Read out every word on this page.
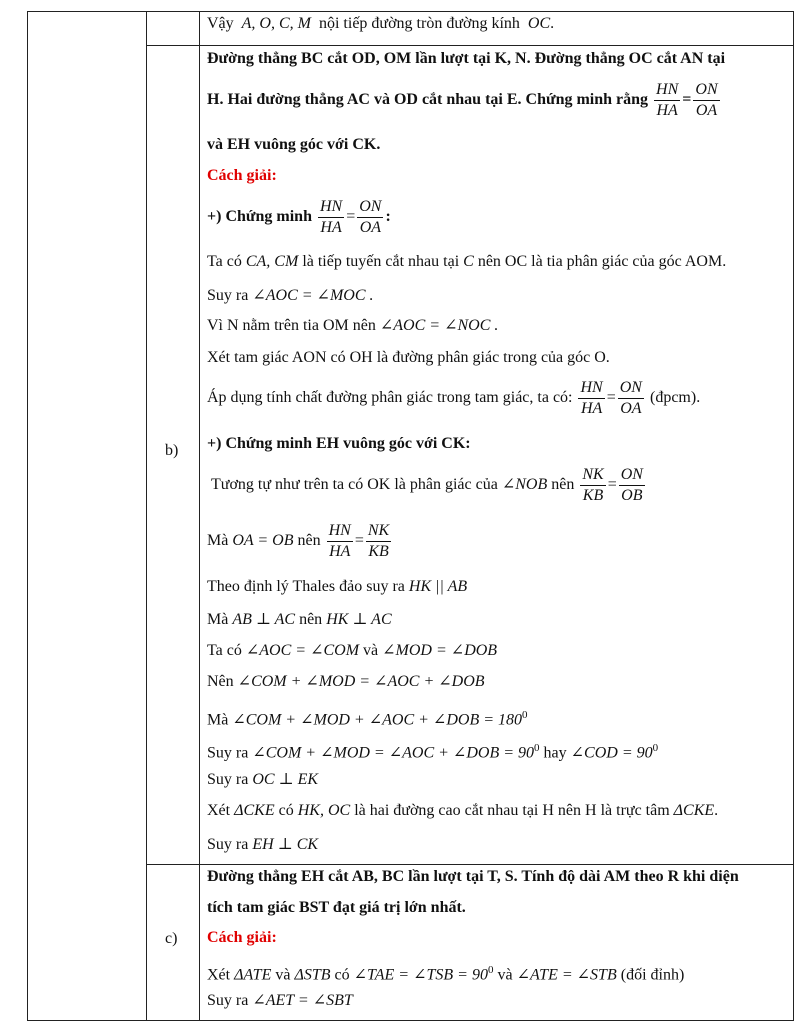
Vậy A, O, C, M nội tiếp đường tròn đường kính OC.
b)
Đường thẳng BC cắt OD, OM lần lượt tại K, N. Đường thẳng OC cắt AN tại
H. Hai đường thẳng AC và OD cắt nhau tại E. Chứng minh rằng $\frac{HN}{HA} = \frac{ON}{OA}$
và EH vuông góc với CK.
Cách giải:
+) Chứng minh $\frac{HN}{HA} = \frac{ON}{OA}$ :
Ta có CA, CM là tiếp tuyến cắt nhau tại C nên OC là tia phân giác của góc AOM.
Suy ra ∠AOC = ∠MOC .
Vì N nằm trên tia OM nên ∠AOC = ∠NOC .
Xét tam giác AON có OH là đường phân giác trong của góc O.
Áp dụng tính chất đường phân giác trong tam giác, ta có: $\frac{HN}{HA} = \frac{ON}{OA}$ (đpcm).
+) Chứng minh EH vuông góc với CK:
Tương tự như trên ta có OK là phân giác của ∠NOB nên $\frac{NK}{KB} = \frac{ON}{OB}$
Mà OA = OB nên $\frac{HN}{HA} = \frac{NK}{KB}$
Theo định lý Thales đảo suy ra HK || AB
Mà AB ⊥ AC nên HK ⊥ AC
Ta có ∠AOC = ∠COM và ∠MOD = ∠DOB
Nên ∠COM + ∠MOD = ∠AOC + ∠DOB
Mà ∠COM + ∠MOD + ∠AOC + ∠DOB = $180^0$
Suy ra ∠COM + ∠MOD = ∠AOC + ∠DOB = $90^0$ hay ∠COD = $90^0$
Suy ra OC ⊥ EK
Xét ΔCKE có HK, OC là hai đường cao cắt nhau tại H nên H là trực tâm ΔCKE.
Suy ra EH ⊥ CK
c)
Đường thẳng EH cắt AB, BC lần lượt tại T, S. Tính độ dài AM theo R khi diện
tích tam giác BST đạt giá trị lớn nhất.
Cách giải:
Xét ΔATE và ΔSTB có ∠TAE = ∠TSB = $90^0$ và ∠ATE = ∠STB (đối đỉnh)
Suy ra ∠AET = ∠SBT
